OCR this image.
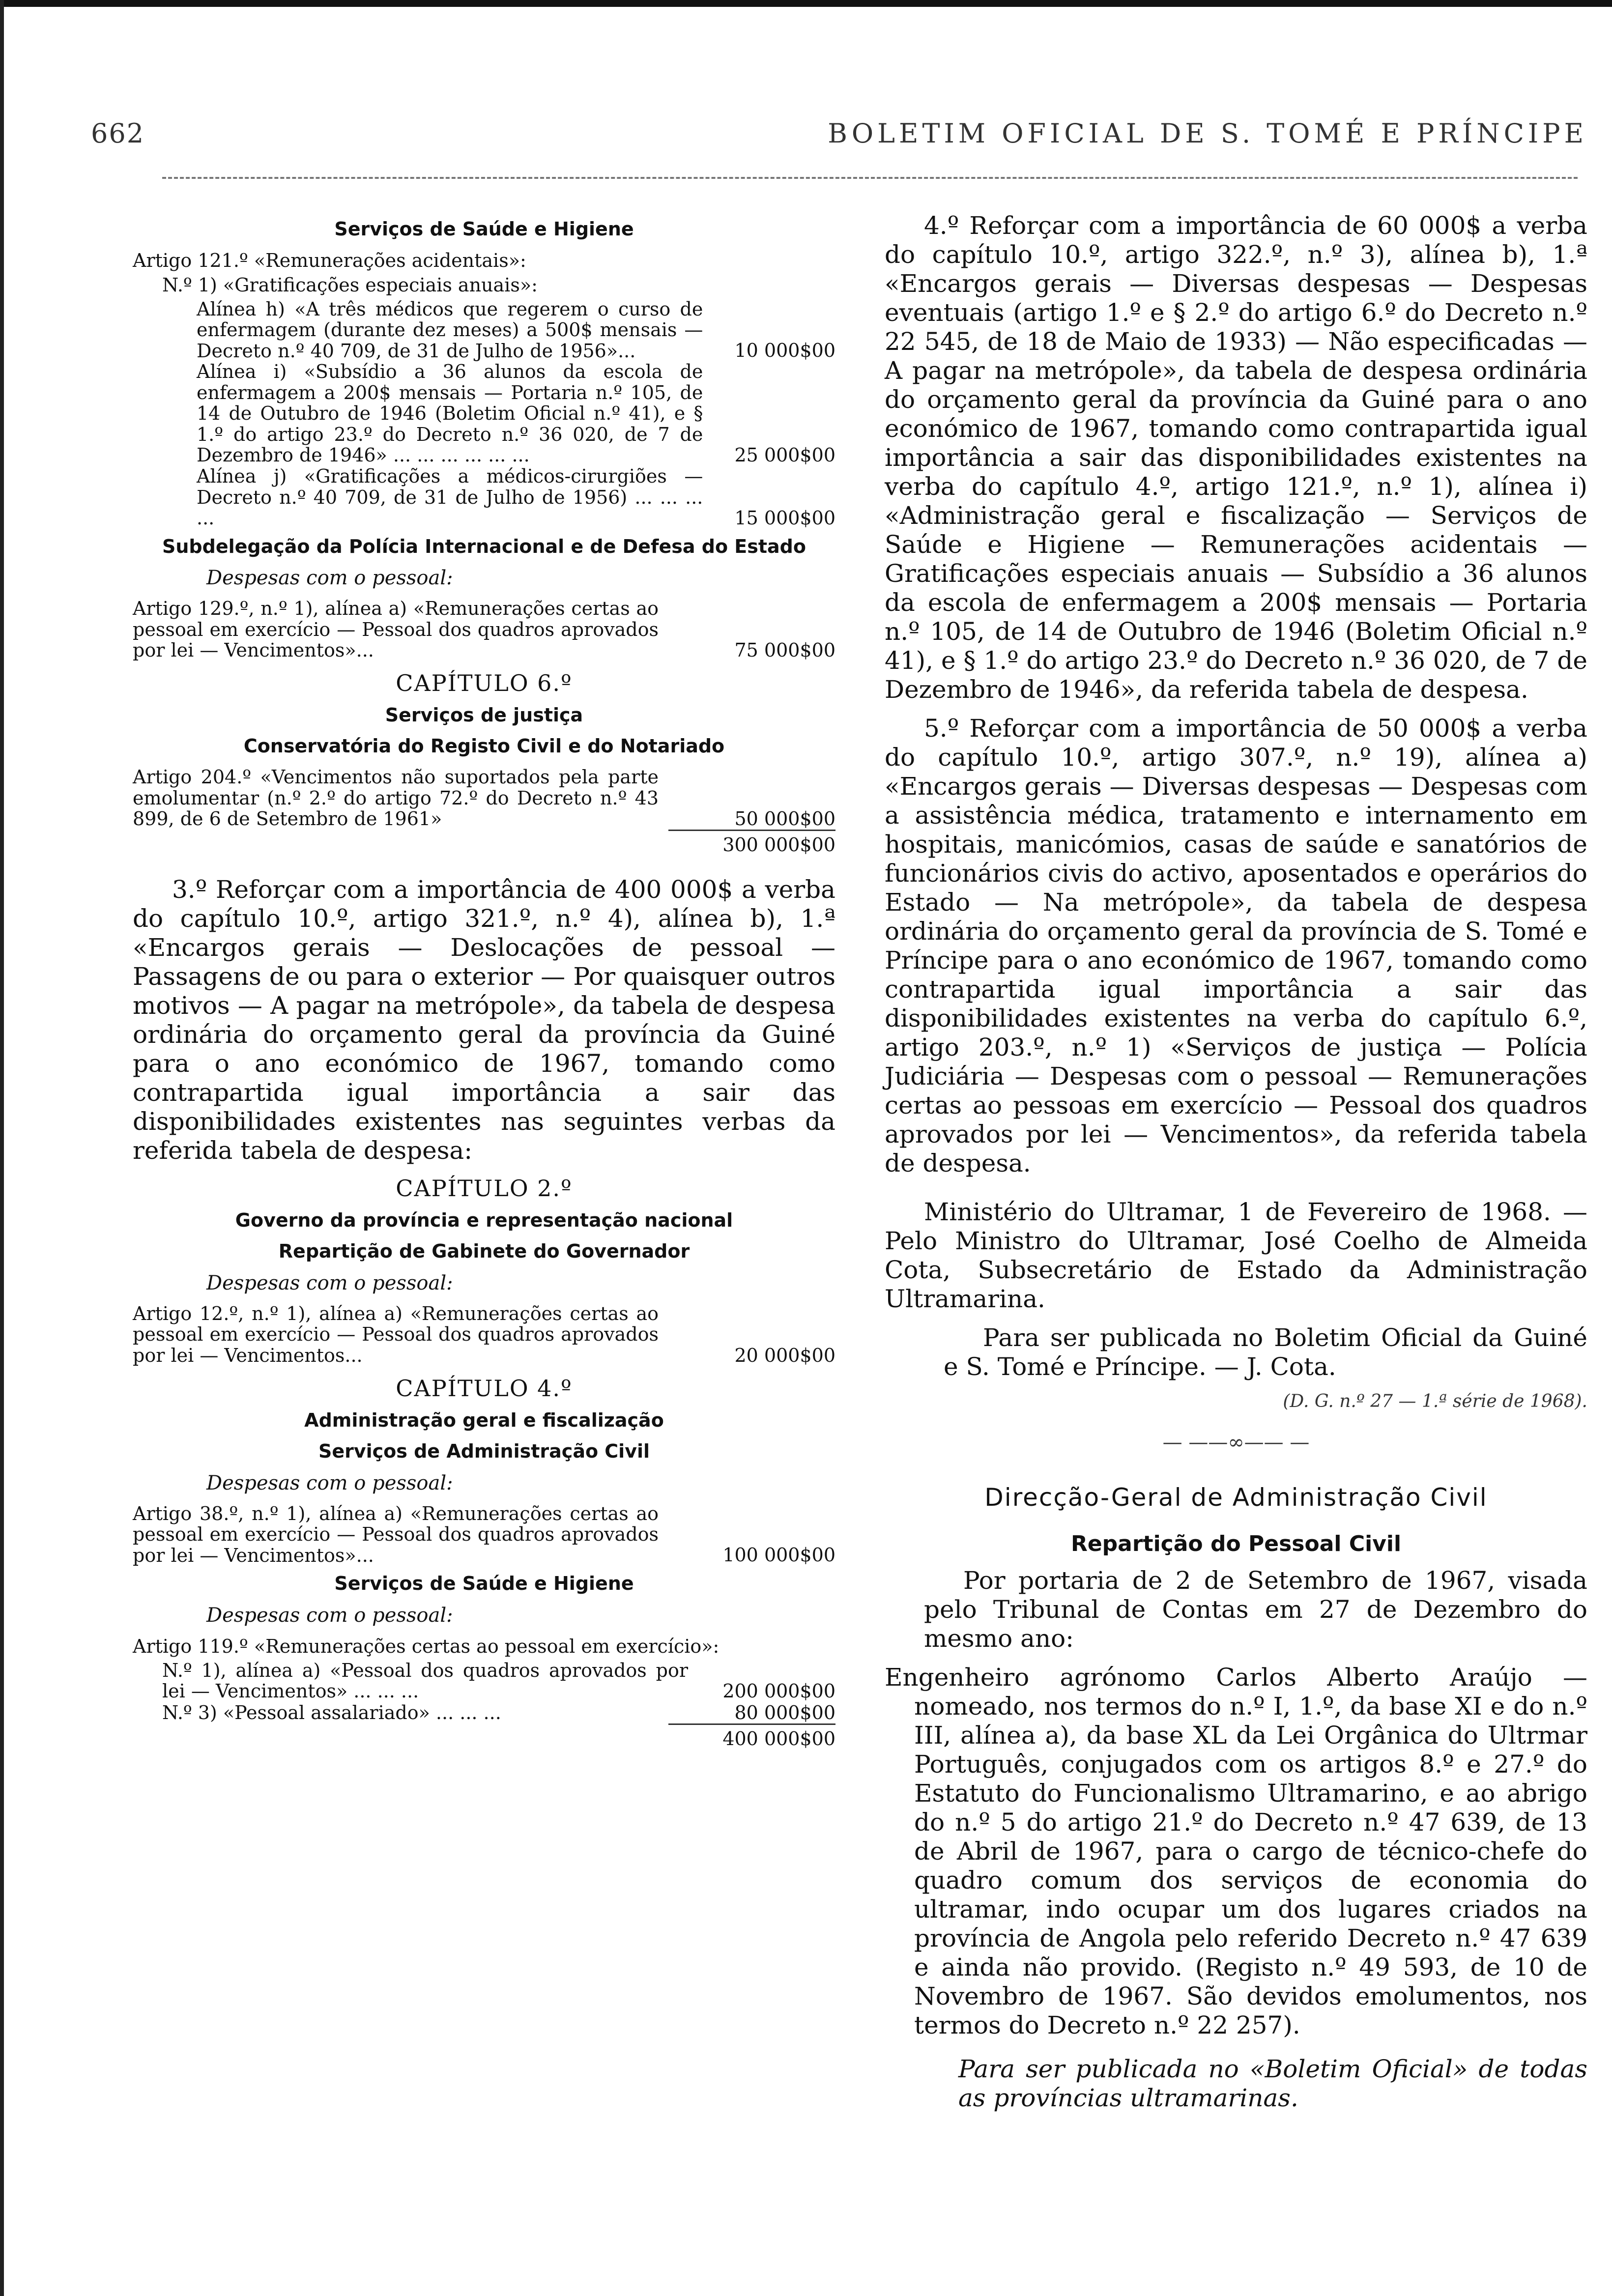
662	BOLETIM OFICIAL DE S. TOMÉ E PRÍNCIPE
Serviços de Saúde e Higiene
Artigo 121.º «Remunerações acidentais»:
N.º 1) «Gratificações especiais anuais»:
Alínea h) «A três médicos que regerem o curso de enfermagem (durante dez meses) a 500$ mensais — Decreto n.º 40 709, de 31 de Julho de 1956»...	10 000$00
Alínea i) «Subsídio a 36 alunos da escola de enfermagem a 200$ mensais — Portaria n.º 105, de 14 de Outubro de 1946 (Boletim Oficial n.º 41), e § 1.º do artigo 23.º do Decreto n.º 36 020, de 7 de Dezembro de 1946» ... ... ... ... ... ...	25 000$00
Alínea j) «Gratificações a médicos-cirurgiões — Decreto n.º 40 709, de 31 de Julho de 1956) ... ... ... ...	15 000$00
Subdelegação da Polícia Internacional e de Defesa do Estado
Despesas com o pessoal:
Artigo 129.º, n.º 1), alínea a) «Remunerações certas ao pessoal em exercício — Pessoal dos quadros aprovados por lei — Vencimentos»...	75 000$00
CAPÍTULO 6.º
Serviços de justiça
Conservatória do Registo Civil e do Notariado
Artigo 204.º «Vencimentos não suportados pela parte emolumentar (n.º 2.º do artigo 72.º do Decreto n.º 43 899, de 6 de Setembro de 1961»	50 000$00
300 000$00

3.º Reforçar com a importância de 400 000$ a verba do capítulo 10.º, artigo 321.º, n.º 4), alínea b), 1.ª «Encargos gerais — Deslocações de pessoal — Passagens de ou para o exterior — Por quaisquer outros motivos — A pagar na metrópole», da tabela de despesa ordinária do orçamento geral da província da Guiné para o ano económico de 1967, tomando como contrapartida igual importância a sair das disponibilidades existentes nas seguintes verbas da referida tabela de despesa:

CAPÍTULO 2.º
Governo da província e representação nacional
Repartição de Gabinete do Governador
Despesas com o pessoal:
Artigo 12.º, n.º 1), alínea a) «Remunerações certas ao pessoal em exercício — Pessoal dos quadros aprovados por lei — Vencimentos...	20 000$00
CAPÍTULO 4.º
Administração geral e fiscalização
Serviços de Administração Civil
Despesas com o pessoal:
Artigo 38.º, n.º 1), alínea a) «Remunerações certas ao pessoal em exercício — Pessoal dos quadros aprovados por lei — Vencimentos»...	100 000$00
Serviços de Saúde e Higiene
Despesas com o pessoal:
Artigo 119.º «Remunerações certas ao pessoal em exercício»:
N.º 1), alínea a) «Pessoal dos quadros aprovados por lei — Vencimentos» ... ... ...	200 000$00
N.º 3) «Pessoal assalariado» ... ... ...	80 000$00
400 000$00

4.º Reforçar com a importância de 60 000$ a verba do capítulo 10.º, artigo 322.º, n.º 3), alínea b), 1.ª «Encargos gerais — Diversas despesas — Despesas eventuais (artigo 1.º e § 2.º do artigo 6.º do Decreto n.º 22 545, de 18 de Maio de 1933) — Não especificadas — A pagar na metrópole», da tabela de despesa ordinária do orçamento geral da província da Guiné para o ano económico de 1967, tomando como contrapartida igual importância a sair das disponibilidades existentes na verba do capítulo 4.º, artigo 121.º, n.º 1), alínea i) «Administração geral e fiscalização — Serviços de Saúde e Higiene — Remunerações acidentais — Gratificações especiais anuais — Subsídio a 36 alunos da escola de enfermagem a 200$ mensais — Portaria n.º 105, de 14 de Outubro de 1946 (Boletim Oficial n.º 41), e § 1.º do artigo 23.º do Decreto n.º 36 020, de 7 de Dezembro de 1946», da referida tabela de despesa.

5.º Reforçar com a importância de 50 000$ a verba do capítulo 10.º, artigo 307.º, n.º 19), alínea a) «Encargos gerais — Diversas despesas — Despesas com a assistência médica, tratamento e internamento em hospitais, manicómios, casas de saúde e sanatórios de funcionários civis do activo, aposentados e operários do Estado — Na metrópole», da tabela de despesa ordinária do orçamento geral da província de S. Tomé e Príncipe para o ano económico de 1967, tomando como contrapartida igual importância a sair das disponibilidades existentes na verba do capítulo 6.º, artigo 203.º, n.º 1) «Serviços de justiça — Polícia Judiciária — Despesas com o pessoal — Remunerações certas ao pessoas em exercício — Pessoal dos quadros aprovados por lei — Vencimentos», da referida tabela de despesa.

Ministério do Ultramar, 1 de Fevereiro de 1968. — Pelo Ministro do Ultramar, José Coelho de Almeida Cota, Subsecretário de Estado da Administração Ultramarina.

Para ser publicada no Boletim Oficial da Guiné e S. Tomé e Príncipe. — J. Cota.

(D. G. n.º 27 — 1.ª série de 1968).
— ——∞—— —
Direcção-Geral de Administração Civil
Repartição do Pessoal Civil

Por portaria de 2 de Setembro de 1967, visada pelo Tribunal de Contas em 27 de Dezembro do mesmo ano:

Engenheiro agrónomo Carlos Alberto Araújo — nomeado, nos termos do n.º I, 1.º, da base XI e do n.º III, alínea a), da base XL da Lei Orgânica do Ultrmar Português, conjugados com os artigos 8.º e 27.º do Estatuto do Funcionalismo Ultramarino, e ao abrigo do n.º 5 do artigo 21.º do Decreto n.º 47 639, de 13 de Abril de 1967, para o cargo de técnico-chefe do quadro comum dos serviços de economia do ultramar, indo ocupar um dos lugares criados na província de Angola pelo referido Decreto n.º 47 639 e ainda não provido. (Registo n.º 49 593, de 10 de Novembro de 1967. São devidos emolumentos, nos termos do Decreto n.º 22 257).

Para ser publicada no «Boletim Oficial» de todas as províncias ultramarinas.
